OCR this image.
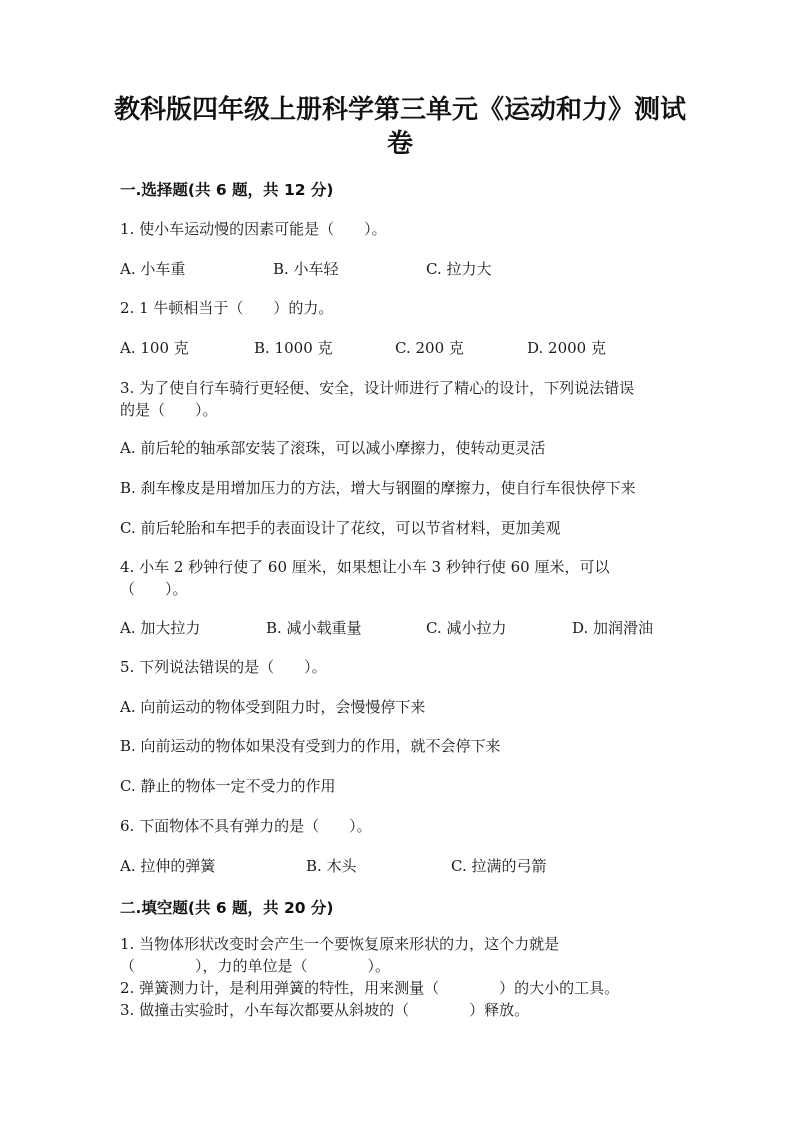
教科版四年级上册科学第三单元《运动和力》测试
卷
一.选择题(共 6 题，共 12 分)
1. 使小车运动慢的因素可能是（　　）。
A. 小车重	B. 小车轻	C. 拉力大
2. 1 牛顿相当于（　　）的力。
A. 100 克	B. 1000 克	C. 200 克	D. 2000 克
3. 为了使自行车骑行更轻便、安全，设计师进行了精心的设计，下列说法错误
的是（　　）。
A. 前后轮的轴承部安装了滚珠，可以减小摩擦力，使转动更灵活
B. 刹车橡皮是用增加压力的方法，增大与钢圈的摩擦力，使自行车很快停下来
C. 前后轮胎和车把手的表面设计了花纹，可以节省材料，更加美观
4. 小车 2 秒钟行使了 60 厘米，如果想让小车 3 秒钟行使 60 厘米，可以
（　　）。
A. 加大拉力	B. 减小载重量	C. 减小拉力	D. 加润滑油
5. 下列说法错误的是（　　）。
A. 向前运动的物体受到阻力时，会慢慢停下来
B. 向前运动的物体如果没有受到力的作用，就不会停下来
C. 静止的物体一定不受力的作用
6. 下面物体不具有弹力的是（　　）。
A. 拉伸的弹簧	B. 木头	C. 拉满的弓箭
二.填空题(共 6 题，共 20 分)
1. 当物体形状改变时会产生一个要恢复原来形状的力，这个力就是
（　　　　），力的单位是（　　　　）。
2. 弹簧测力计，是利用弹簧的特性，用来测量（　　　　）的大小的工具。
3. 做撞击实验时，小车每次都要从斜坡的（　　　　）释放。
